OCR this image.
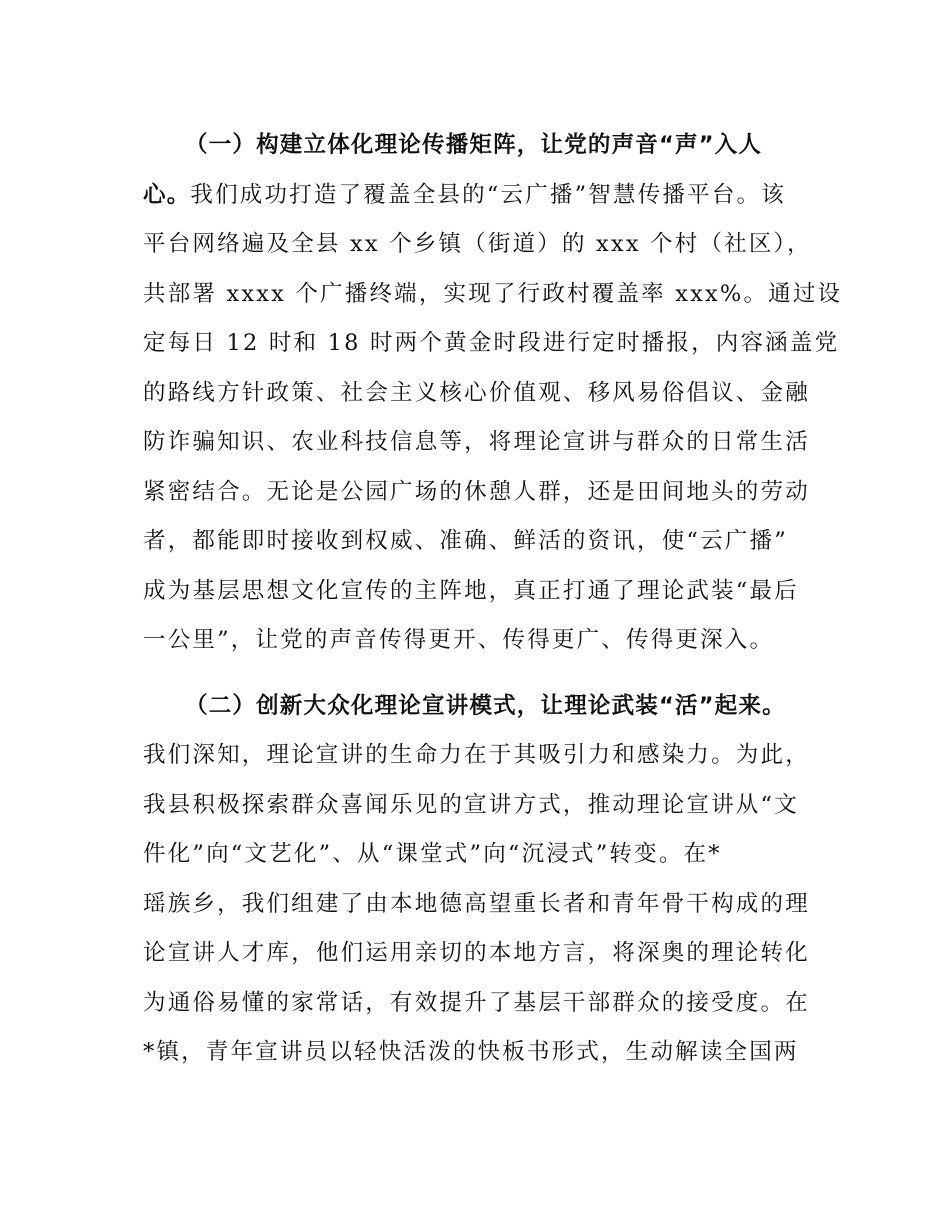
（一）构建立体化理论传播矩阵，让党的声音“声”入人
心。我们成功打造了覆盖全县的“云广播”智慧传播平台。该
平台网络遍及全县 xx 个乡镇（街道）的 xxx 个村（社区），
共部署 xxxx 个广播终端，实现了行政村覆盖率 xxx%。通过设
定每日 12 时和 18 时两个黄金时段进行定时播报，内容涵盖党
的路线方针政策、社会主义核心价值观、移风易俗倡议、金融
防诈骗知识、农业科技信息等，将理论宣讲与群众的日常生活
紧密结合。无论是公园广场的休憩人群，还是田间地头的劳动
者，都能即时接收到权威、准确、鲜活的资讯，使“云广播”
成为基层思想文化宣传的主阵地，真正打通了理论武装“最后
一公里”，让党的声音传得更开、传得更广、传得更深入。

（二）创新大众化理论宣讲模式，让理论武装“活”起来。
我们深知，理论宣讲的生命力在于其吸引力和感染力。为此，
我县积极探索群众喜闻乐见的宣讲方式，推动理论宣讲从“文
件化”向“文艺化”、从“课堂式”向“沉浸式”转变。在*
瑶族乡，我们组建了由本地德高望重长者和青年骨干构成的理
论宣讲人才库，他们运用亲切的本地方言，将深奥的理论转化
为通俗易懂的家常话，有效提升了基层干部群众的接受度。在
*镇，青年宣讲员以轻快活泼的快板书形式，生动解读全国两
